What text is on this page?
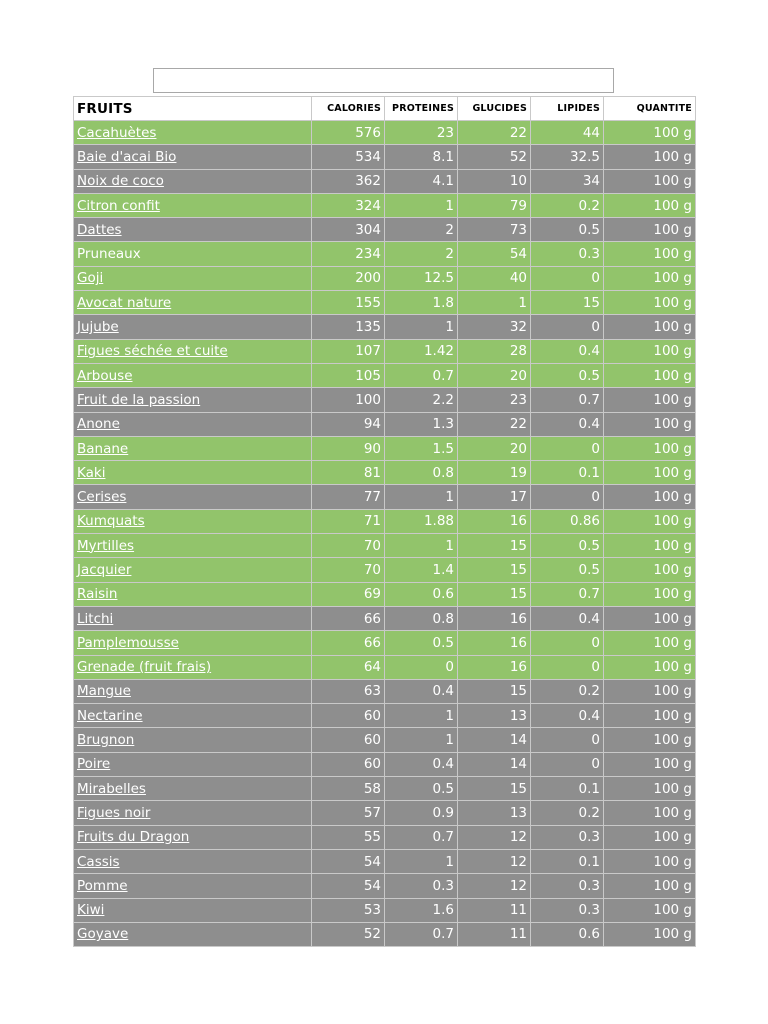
FRUITS	CALORIES	PROTEINES	GLUCIDES	LIPIDES	QUANTITE
Cacahuètes	576	23	22	44	100 g
Baie d'acai Bio	534	8.1	52	32.5	100 g
Noix de coco	362	4.1	10	34	100 g
Citron confit	324	1	79	0.2	100 g
Dattes	304	2	73	0.5	100 g
Pruneaux	234	2	54	0.3	100 g
Goji	200	12.5	40	0	100 g
Avocat nature	155	1.8	1	15	100 g
Jujube	135	1	32	0	100 g
Figues séchée et cuite	107	1.42	28	0.4	100 g
Arbouse	105	0.7	20	0.5	100 g
Fruit de la passion	100	2.2	23	0.7	100 g
Anone	94	1.3	22	0.4	100 g
Banane	90	1.5	20	0	100 g
Kaki	81	0.8	19	0.1	100 g
Cerises	77	1	17	0	100 g
Kumquats	71	1.88	16	0.86	100 g
Myrtilles	70	1	15	0.5	100 g
Jacquier	70	1.4	15	0.5	100 g
Raisin	69	0.6	15	0.7	100 g
Litchi	66	0.8	16	0.4	100 g
Pamplemousse	66	0.5	16	0	100 g
Grenade (fruit frais)	64	0	16	0	100 g
Mangue	63	0.4	15	0.2	100 g
Nectarine	60	1	13	0.4	100 g
Brugnon	60	1	14	0	100 g
Poire	60	0.4	14	0	100 g
Mirabelles	58	0.5	15	0.1	100 g
Figues noir	57	0.9	13	0.2	100 g
Fruits du Dragon	55	0.7	12	0.3	100 g
Cassis	54	1	12	0.1	100 g
Pomme	54	0.3	12	0.3	100 g
Kiwi	53	1.6	11	0.3	100 g
Goyave	52	0.7	11	0.6	100 g
